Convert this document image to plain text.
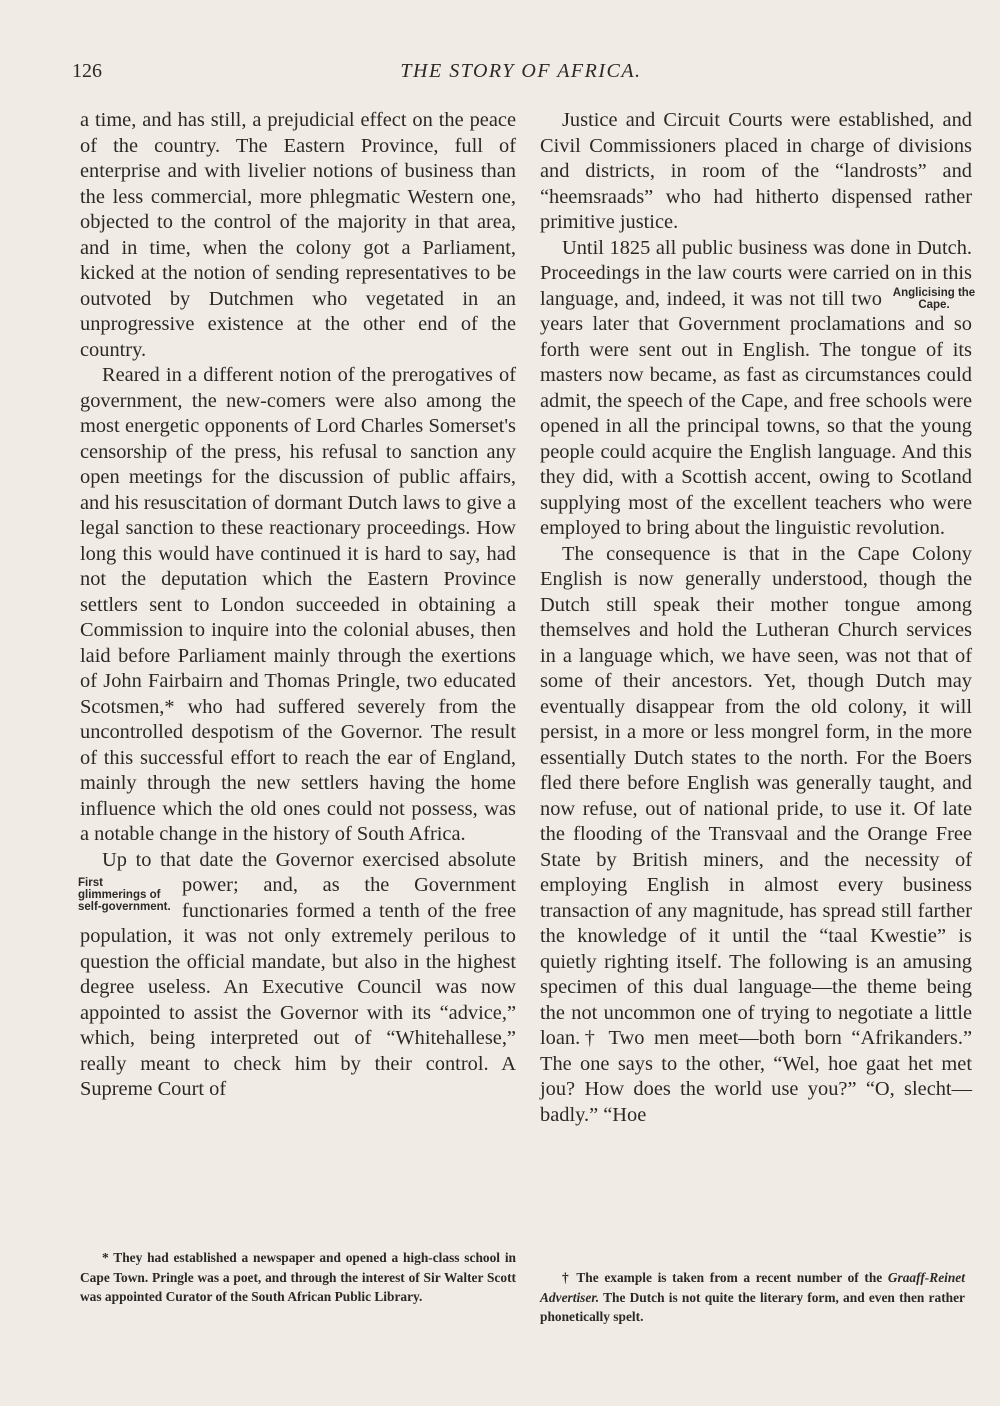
126	THE STORY OF AFRICA.

a time, and has still, a prejudicial effect on the peace of the country. The Eastern Province, full of enterprise and with livelier notions of business than the less commercial, more phlegmatic Western one, objected to the control of the majority in that area, and in time, when the colony got a Parliament, kicked at the notion of sending representatives to be outvoted by Dutchmen who vegetated in an unprogressive existence at the other end of the country.

Reared in a different notion of the prerogatives of government, the new-comers were also among the most energetic opponents of Lord Charles Somerset's censorship of the press, his refusal to sanction any open meetings for the discussion of public affairs, and his resuscitation of dormant Dutch laws to give a legal sanction to these reactionary proceedings. How long this would have continued it is hard to say, had not the deputation which the Eastern Province settlers sent to London succeeded in obtaining a Commission to inquire into the colonial abuses, then laid before Parliament mainly through the exertions of John Fairbairn and Thomas Pringle, two educated Scotsmen,* who had suffered severely from the uncontrolled despotism of the Governor. The result of this successful effort to reach the ear of England, mainly through the new settlers having the home influence which the old ones could not possess, was a notable change in the history of South Africa.

Up to that date the Governor exercised absolute power; and, as the Government
First glimmerings of self-government. functionaries formed a tenth of the free population, it was not only extremely perilous to question the official mandate, but also in the highest degree useless. An Executive Council was now appointed to assist the Governor with its “advice,” which, being interpreted out of “Whitehallese,” really meant to check him by their control. A Supreme Court of

Justice and Circuit Courts were established, and Civil Commissioners placed in charge of divisions and districts, in room of the “landrosts” and “heemsraads” who had hitherto dispensed rather primitive justice.

Until 1825 all public business was done in Dutch. Proceedings in the law courts were carried on in this language, and,	Anglicising the Cape.
indeed, it was not till two years later that Government proclamations and so forth were sent out in English. The tongue of its masters now became, as fast as circumstances could admit, the speech of the Cape, and free schools were opened in all the principal towns, so that the young people could acquire the English language. And this they did, with a Scottish accent, owing to Scotland supplying most of the excellent teachers who were employed to bring about the linguistic revolution.

The consequence is that in the Cape Colony English is now generally understood, though the Dutch still speak their mother tongue among themselves and hold the Lutheran Church services in a language which, we have seen, was not that of some of their ancestors. Yet, though Dutch may eventually disappear from the old colony, it will persist, in a more or less mongrel form, in the more essentially Dutch states to the north. For the Boers fled there before English was generally taught, and now refuse, out of national pride, to use it. Of late the flooding of the Transvaal and the Orange Free State by British miners, and the necessity of employing English in almost every business transaction of any magnitude, has spread still farther the knowledge of it until the “taal Kwestie” is quietly righting itself. The following is an amusing specimen of this dual language—the theme being the not uncommon one of trying to negotiate a little loan.† Two men meet—both born “Afrikanders.” The one says to the other, “Wel, hoe gaat het met jou? How does the world use you?” “O, slecht—badly.” “Hoe

* They had established a newspaper and opened a high-class school in Cape Town. Pringle was a poet, and through the interest of Sir Walter Scott was appointed Curator of the South African Public Library.

† The example is taken from a recent number of the Graaff-Reinet Advertiser. The Dutch is not quite the literary form, and even then rather phonetically spelt.
